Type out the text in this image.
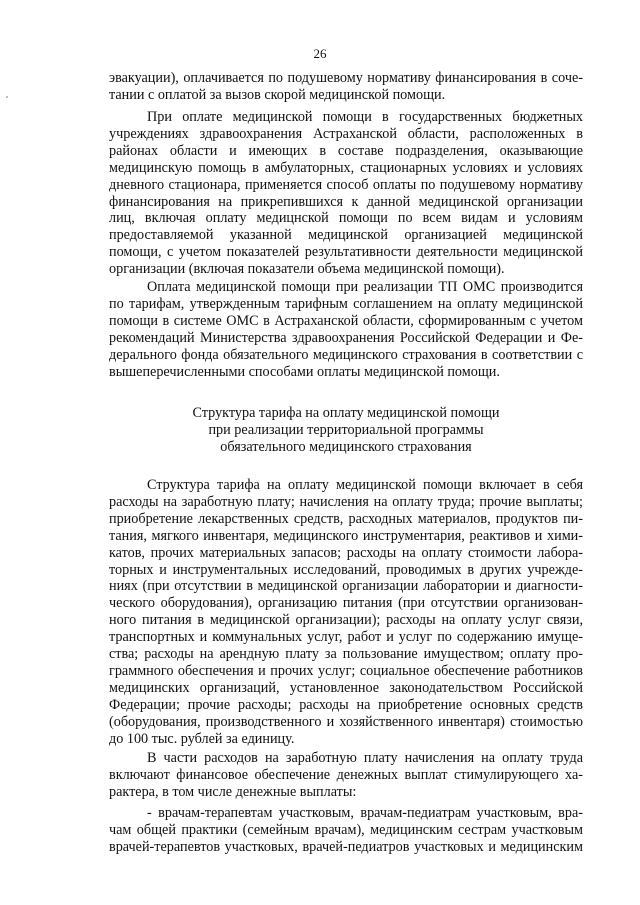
26
эвакуации), оплачивается по подушевому нормативу финансирования в соче-
тании с оплатой за вызов скорой медицинской помощи.
При оплате медицинской помощи в государственных бюджетных
учреждениях здравоохранения Астраханской области, расположенных в
районах области и имеющих в составе подразделения, оказывающие
медицинскую помощь в амбулаторных, стационарных условиях и условиях
дневного стационара, применяется способ оплаты по подушевому нормативу
финансирования на прикрепившихся к данной медицинской организации
лиц, включая оплату медицнской помощи по всем видам и условиям
предоставляемой указанной медицинской организацией медицинской
помощи, с учетом показателей результативности деятельности медицинской
организации (включая показатели объема медицинской помощи).
Оплата медицинской помощи при реализации ТП ОМС производится
по тарифам, утвержденным тарифным соглашением на оплату медицинской
помощи в системе ОМС в Астраханской области, сформированным с учетом
рекомендаций Министерства здравоохранения Российской Федерации и Фе-
дерального фонда обязательного медицинского страхования в соответствии с
вышеперечисленными способами оплаты медицинской помощи.
Структура тарифа на оплату медицинской помощи
при реализации территориальной программы
обязательного медицинского страхования
Структура тарифа на оплату медицинской помощи включает в себя
расходы на заработную плату; начисления на оплату труда; прочие выплаты;
приобретение лекарственных средств, расходных материалов, продуктов пи-
тания, мягкого инвентаря, медицинского инструментария, реактивов и хими-
катов, прочих материальных запасов; расходы на оплату стоимости лабора-
торных и инструментальных исследований, проводимых в других учрежде-
ниях (при отсутствии в медицинской организации лаборатории и диагности-
ческого оборудования), организацию питания (при отсутствии организован-
ного питания в медицинской организации); расходы на оплату услуг связи,
транспортных и коммунальных услуг, работ и услуг по содержанию имуще-
ства; расходы на арендную плату за пользование имуществом; оплату про-
граммного обеспечения и прочих услуг; социальное обеспечение работников
медицинских организаций, установленное законодательством Российской
Федерации; прочие расходы; расходы на приобретение основных средств
(оборудования, производственного и хозяйственного инвентаря) стоимостью
до 100 тыс. рублей за единицу.
В части расходов на заработную плату начисления на оплату труда
включают финансовое обеспечение денежных выплат стимулирующего ха-
рактера, в том числе денежные выплаты:
- врачам-терапевтам участковым, врачам-педиатрам участковым, вра-
чам общей практики (семейным врачам), медицинским сестрам участковым
врачей-терапевтов участковых, врачей-педиатров участковых и медицинским
